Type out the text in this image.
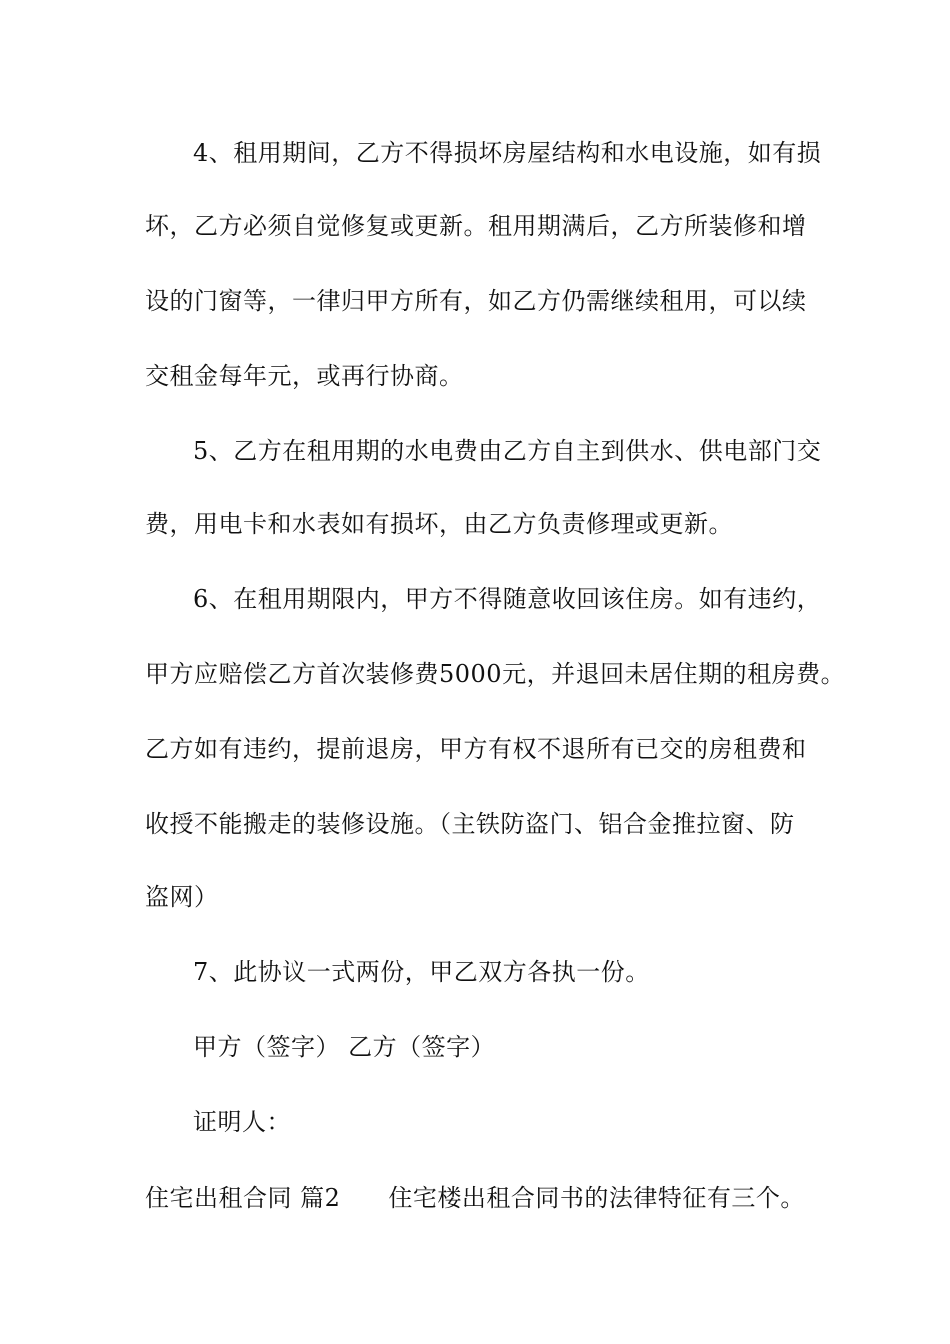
4、租用期间，乙方不得损坏房屋结构和水电设施，如有损
坏，乙方必须自觉修复或更新。租用期满后，乙方所装修和增
设的门窗等，一律归甲方所有，如乙方仍需继续租用，可以续
交租金每年元，或再行协商。
5、乙方在租用期的水电费由乙方自主到供水、供电部门交
费，用电卡和水表如有损坏，由乙方负责修理或更新。
6、在租用期限内，甲方不得随意收回该住房。如有违约，
甲方应赔偿乙方首次装修费5000元，并退回未居住期的租房费。
乙方如有违约，提前退房，甲方有权不退所有已交的房租费和
收授不能搬走的装修设施。（主铁防盗门、铝合金推拉窗、防
盗网）
7、此协议一式两份，甲乙双方各执一份。
甲方（签字） 乙方（签字）
证明人：
住宅出租合同 篇2 住宅楼出租合同书的法律特征有三个。
